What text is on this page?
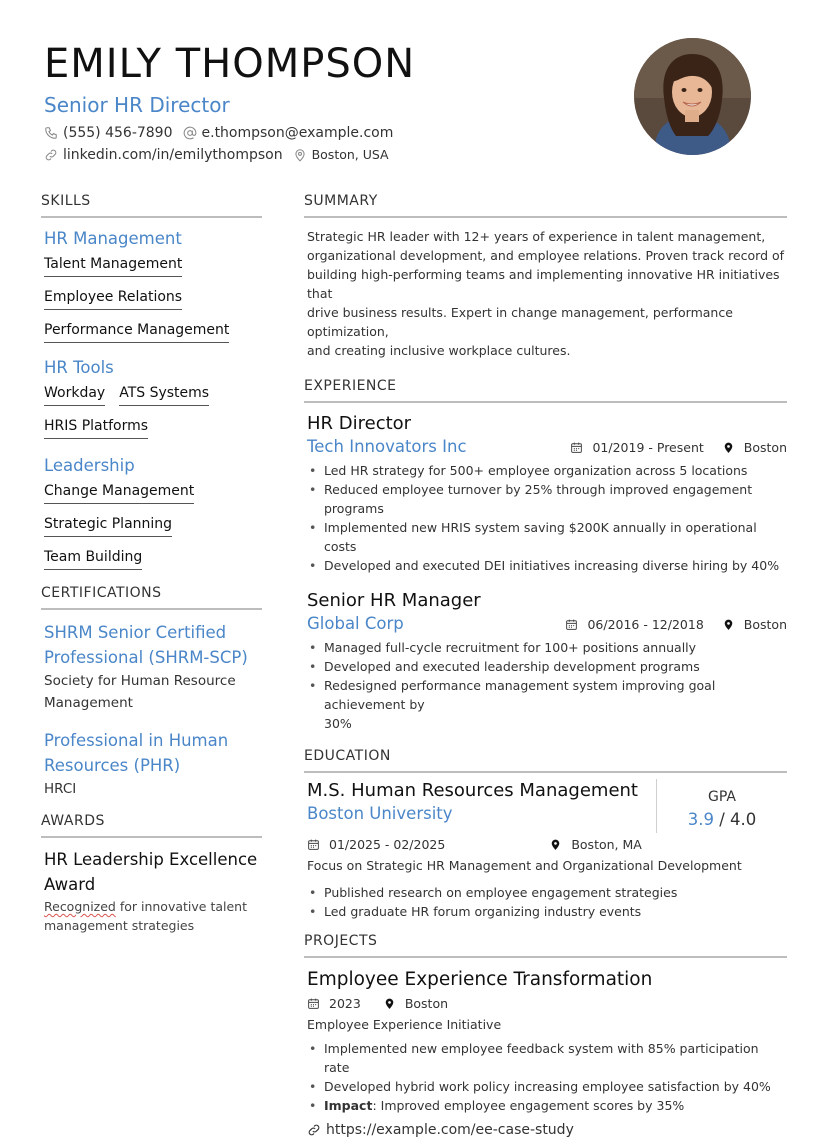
EMILY THOMPSON
Senior HR Director
(555) 456-7890 e.thompson@example.com
linkedin.com/in/emilythompson Boston, USA
SKILLS
HR Management
Talent Management
Employee Relations
Performance Management
HR Tools
Workday ATS Systems
HRIS Platforms
Leadership
Change Management
Strategic Planning
Team Building
CERTIFICATIONS
SHRM Senior Certified
Professional (SHRM-SCP)
Society for Human Resource
Management
Professional in Human
Resources (PHR)
HRCI
AWARDS
HR Leadership Excellence
Award
Recognized for innovative talent
management strategies
SUMMARY
Strategic HR leader with 12+ years of experience in talent management,
organizational development, and employee relations. Proven track record of
building high-performing teams and implementing innovative HR initiatives that
drive business results. Expert in change management, performance optimization,
and creating inclusive workplace cultures.
EXPERIENCE
HR Director
Tech Innovators Inc	01/2019 - Present	Boston
• Led HR strategy for 500+ employee organization across 5 locations
• Reduced employee turnover by 25% through improved engagement programs
• Implemented new HRIS system saving $200K annually in operational costs
• Developed and executed DEI initiatives increasing diverse hiring by 40%
Senior HR Manager
Global Corp	06/2016 - 12/2018	Boston
• Managed full-cycle recruitment for 100+ positions annually
• Developed and executed leadership development programs
• Redesigned performance management system improving goal achievement by
30%
EDUCATION
M.S. Human Resources Management
Boston University
GPA
3.9 / 4.0
01/2025 - 02/2025	Boston, MA
Focus on Strategic HR Management and Organizational Development
• Published research on employee engagement strategies
• Led graduate HR forum organizing industry events
PROJECTS
Employee Experience Transformation
2023	Boston
Employee Experience Initiative
• Implemented new employee feedback system with 85% participation rate
• Developed hybrid work policy increasing employee satisfaction by 40%
• Impact: Improved employee engagement scores by 35%
https://example.com/ee-case-study
